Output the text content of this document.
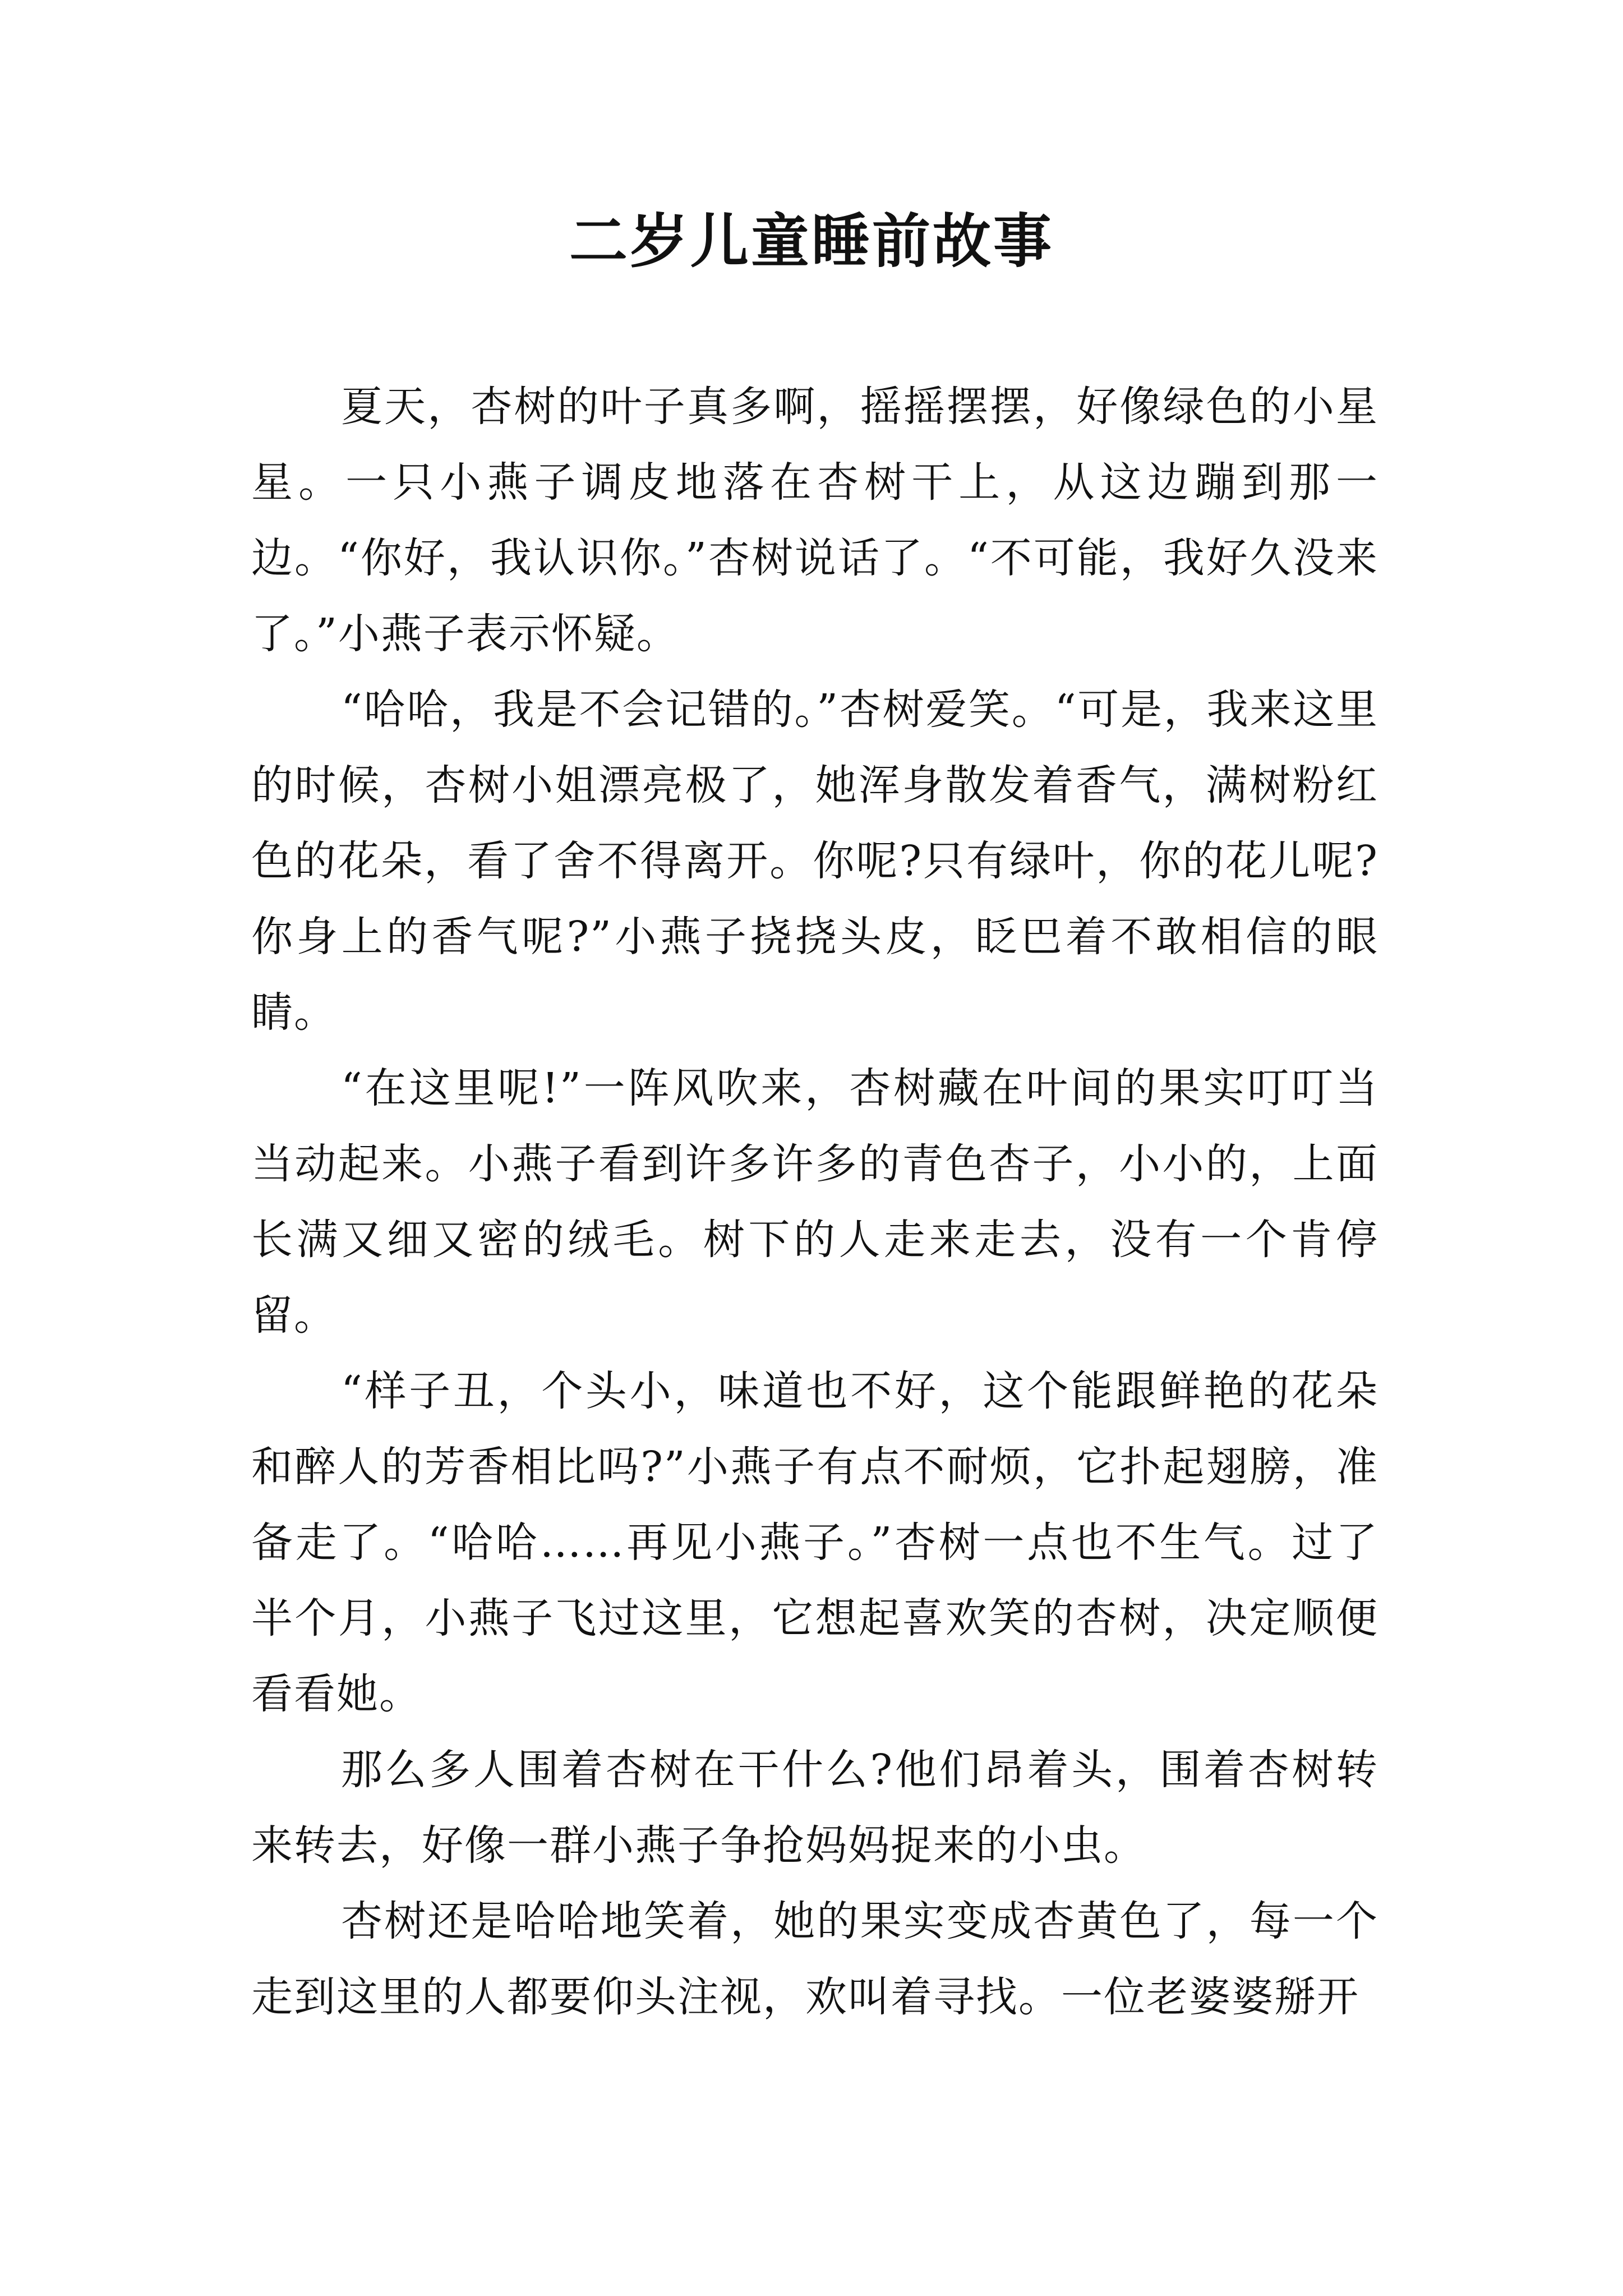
二岁儿童睡前故事

夏天，杏树的叶子真多啊，摇摇摆摆，好像绿色的小星星。一只小燕子调皮地落在杏树干上，从这边蹦到那一边。“你好，我认识你。”杏树说话了。“不可能，我好久没来了。”小燕子表示怀疑。

“哈哈，我是不会记错的。”杏树爱笑。“可是，我来这里的时候，杏树小姐漂亮极了，她浑身散发着香气，满树粉红色的花朵，看了舍不得离开。你呢?只有绿叶，你的花儿呢?你身上的香气呢?”小燕子挠挠头皮，眨巴着不敢相信的眼睛。

“在这里呢!”一阵风吹来，杏树藏在叶间的果实叮叮当当动起来。小燕子看到许多许多的青色杏子，小小的，上面长满又细又密的绒毛。树下的人走来走去，没有一个肯停留。

“样子丑，个头小，味道也不好，这个能跟鲜艳的花朵和醉人的芳香相比吗?”小燕子有点不耐烦，它扑起翅膀，准备走了。“哈哈……再见小燕子。”杏树一点也不生气。过了半个月，小燕子飞过这里，它想起喜欢笑的杏树，决定顺便看看她。

那么多人围着杏树在干什么?他们昂着头，围着杏树转来转去，好像一群小燕子争抢妈妈捉来的小虫。

杏树还是哈哈地笑着，她的果实变成杏黄色了，每一个走到这里的人都要仰头注视，欢叫着寻找。一位老婆婆掰开
